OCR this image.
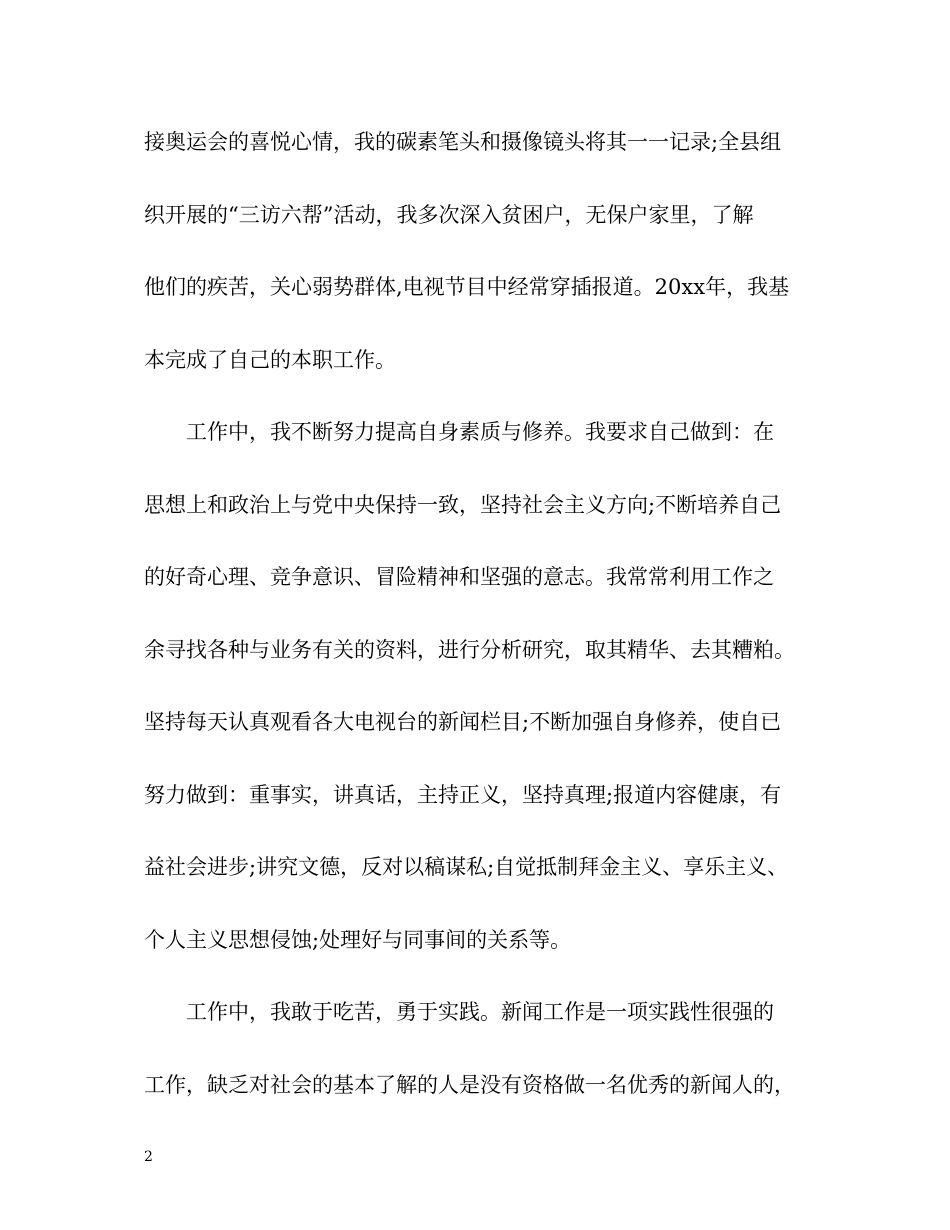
接奥运会的喜悦心情，我的碳素笔头和摄像镜头将其一一记录;全县组
织开展的“三访六帮”活动，我多次深入贫困户，无保户家里，了解
他们的疾苦，关心弱势群体,电视节目中经常穿插报道。20xx年，我基
本完成了自己的本职工作。
　　工作中，我不断努力提高自身素质与修养。我要求自己做到：在
思想上和政治上与党中央保持一致，坚持社会主义方向;不断培养自己
的好奇心理、竞争意识、冒险精神和坚强的意志。我常常利用工作之
余寻找各种与业务有关的资料，进行分析研究，取其精华、去其糟粕。
坚持每天认真观看各大电视台的新闻栏目;不断加强自身修养，使自已
努力做到：重事实，讲真话，主持正义，坚持真理;报道内容健康，有
益社会进步;讲究文德，反对以稿谋私;自觉抵制拜金主义、享乐主义、
个人主义思想侵蚀;处理好与同事间的关系等。
　　工作中，我敢于吃苦，勇于实践。新闻工作是一项实践性很强的
工作，缺乏对社会的基本了解的人是没有资格做一名优秀的新闻人的，
2
